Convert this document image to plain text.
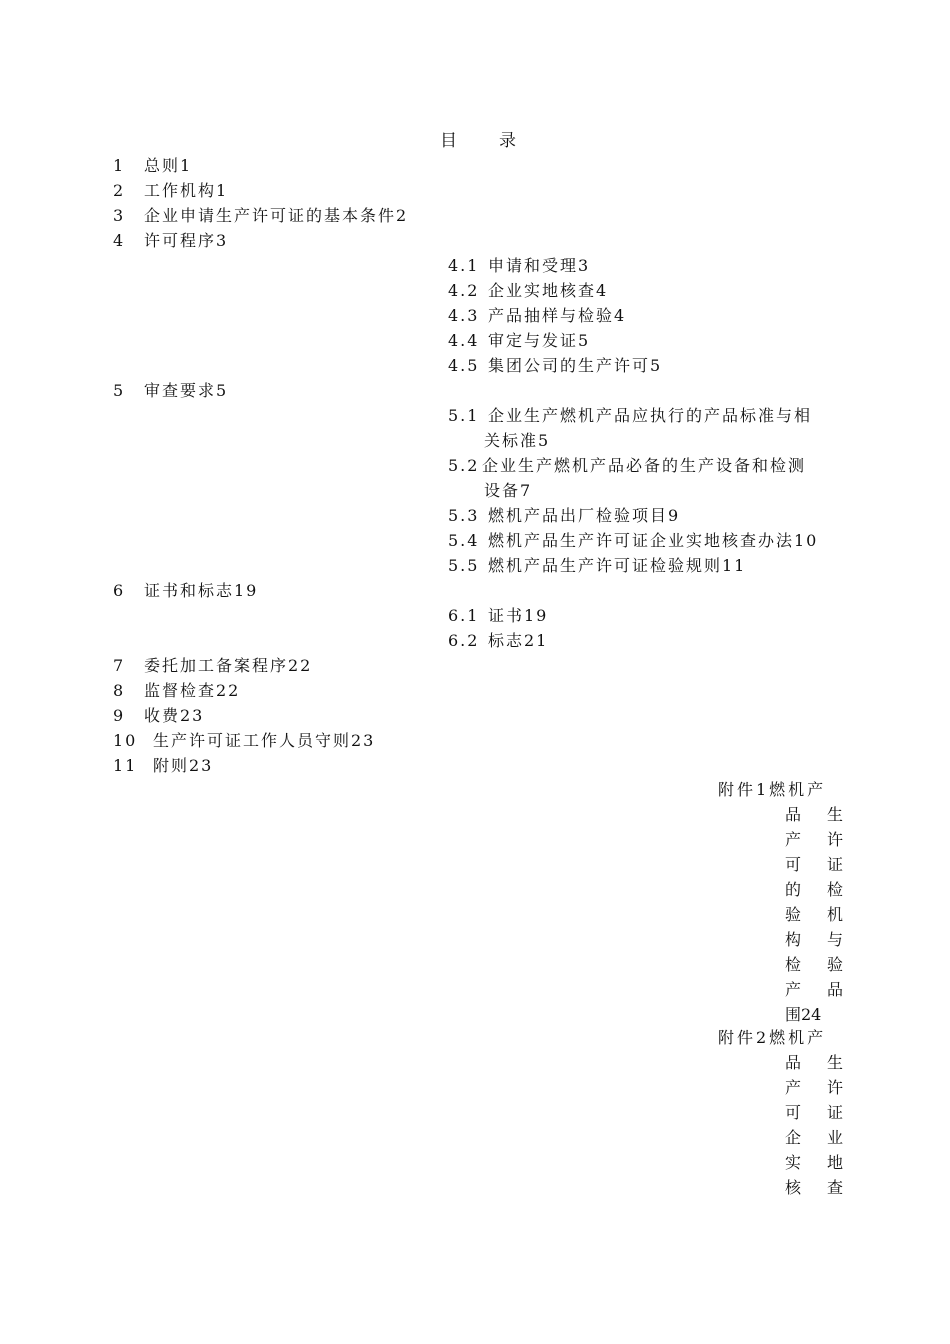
目 录
1 总则1
2 工作机构1
3 企业申请生产许可证的基本条件2
4 许可程序3
4.1 申请和受理3
4.2 企业实地核查4
4.3 产品抽样与检验4
4.4 审定与发证5
4.5 集团公司的生产许可5
5 审查要求5
5.1 企业生产燃机产品应执行的产品标准与相
关标准5
5.2 企业生产燃机产品必备的生产设备和检测
设备7
5.3 燃机产品出厂检验项目9
5.4 燃机产品生产许可证企业实地核查办法10
5.5 燃机产品生产许可证检验规则11
6 证书和标志19
6.1 证书19
6.2 标志21
7 委托加工备案程序22
8 监督检查22
9 收费23
10 生产许可证工作人员守则23
11 附则23
附件1燃机产
品 生
产 许
可 证
的 检
验 机
构 与
检 验
产 品
围24
附件2燃机产
品 生
产 许
可 证
企 业
实 地
核 查
